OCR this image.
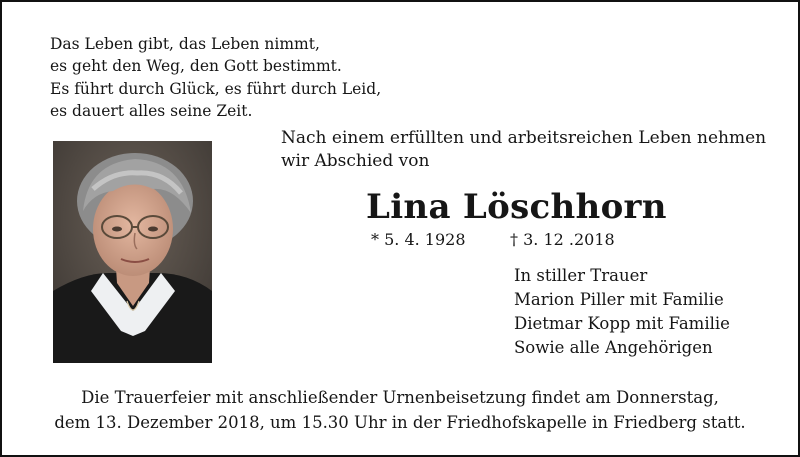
Das Leben gibt, das Leben nimmt,
es geht den Weg, den Gott bestimmt.
Es führt durch Glück, es führt durch Leid,
es dauert alles seine Zeit.
Nach einem erfüllten und arbeitsreichen Leben nehmen
wir Abschied von
Lina Löschhorn
* 5. 4. 1928	† 3. 12 .2018
In stiller Trauer
Marion Piller mit Familie
Dietmar Kopp mit Familie
Sowie alle Angehörigen
Die Trauerfeier mit anschließender Urnenbeisetzung findet am Donnerstag,
dem 13. Dezember 2018, um 15.30 Uhr in der Friedhofskapelle in Friedberg statt.
